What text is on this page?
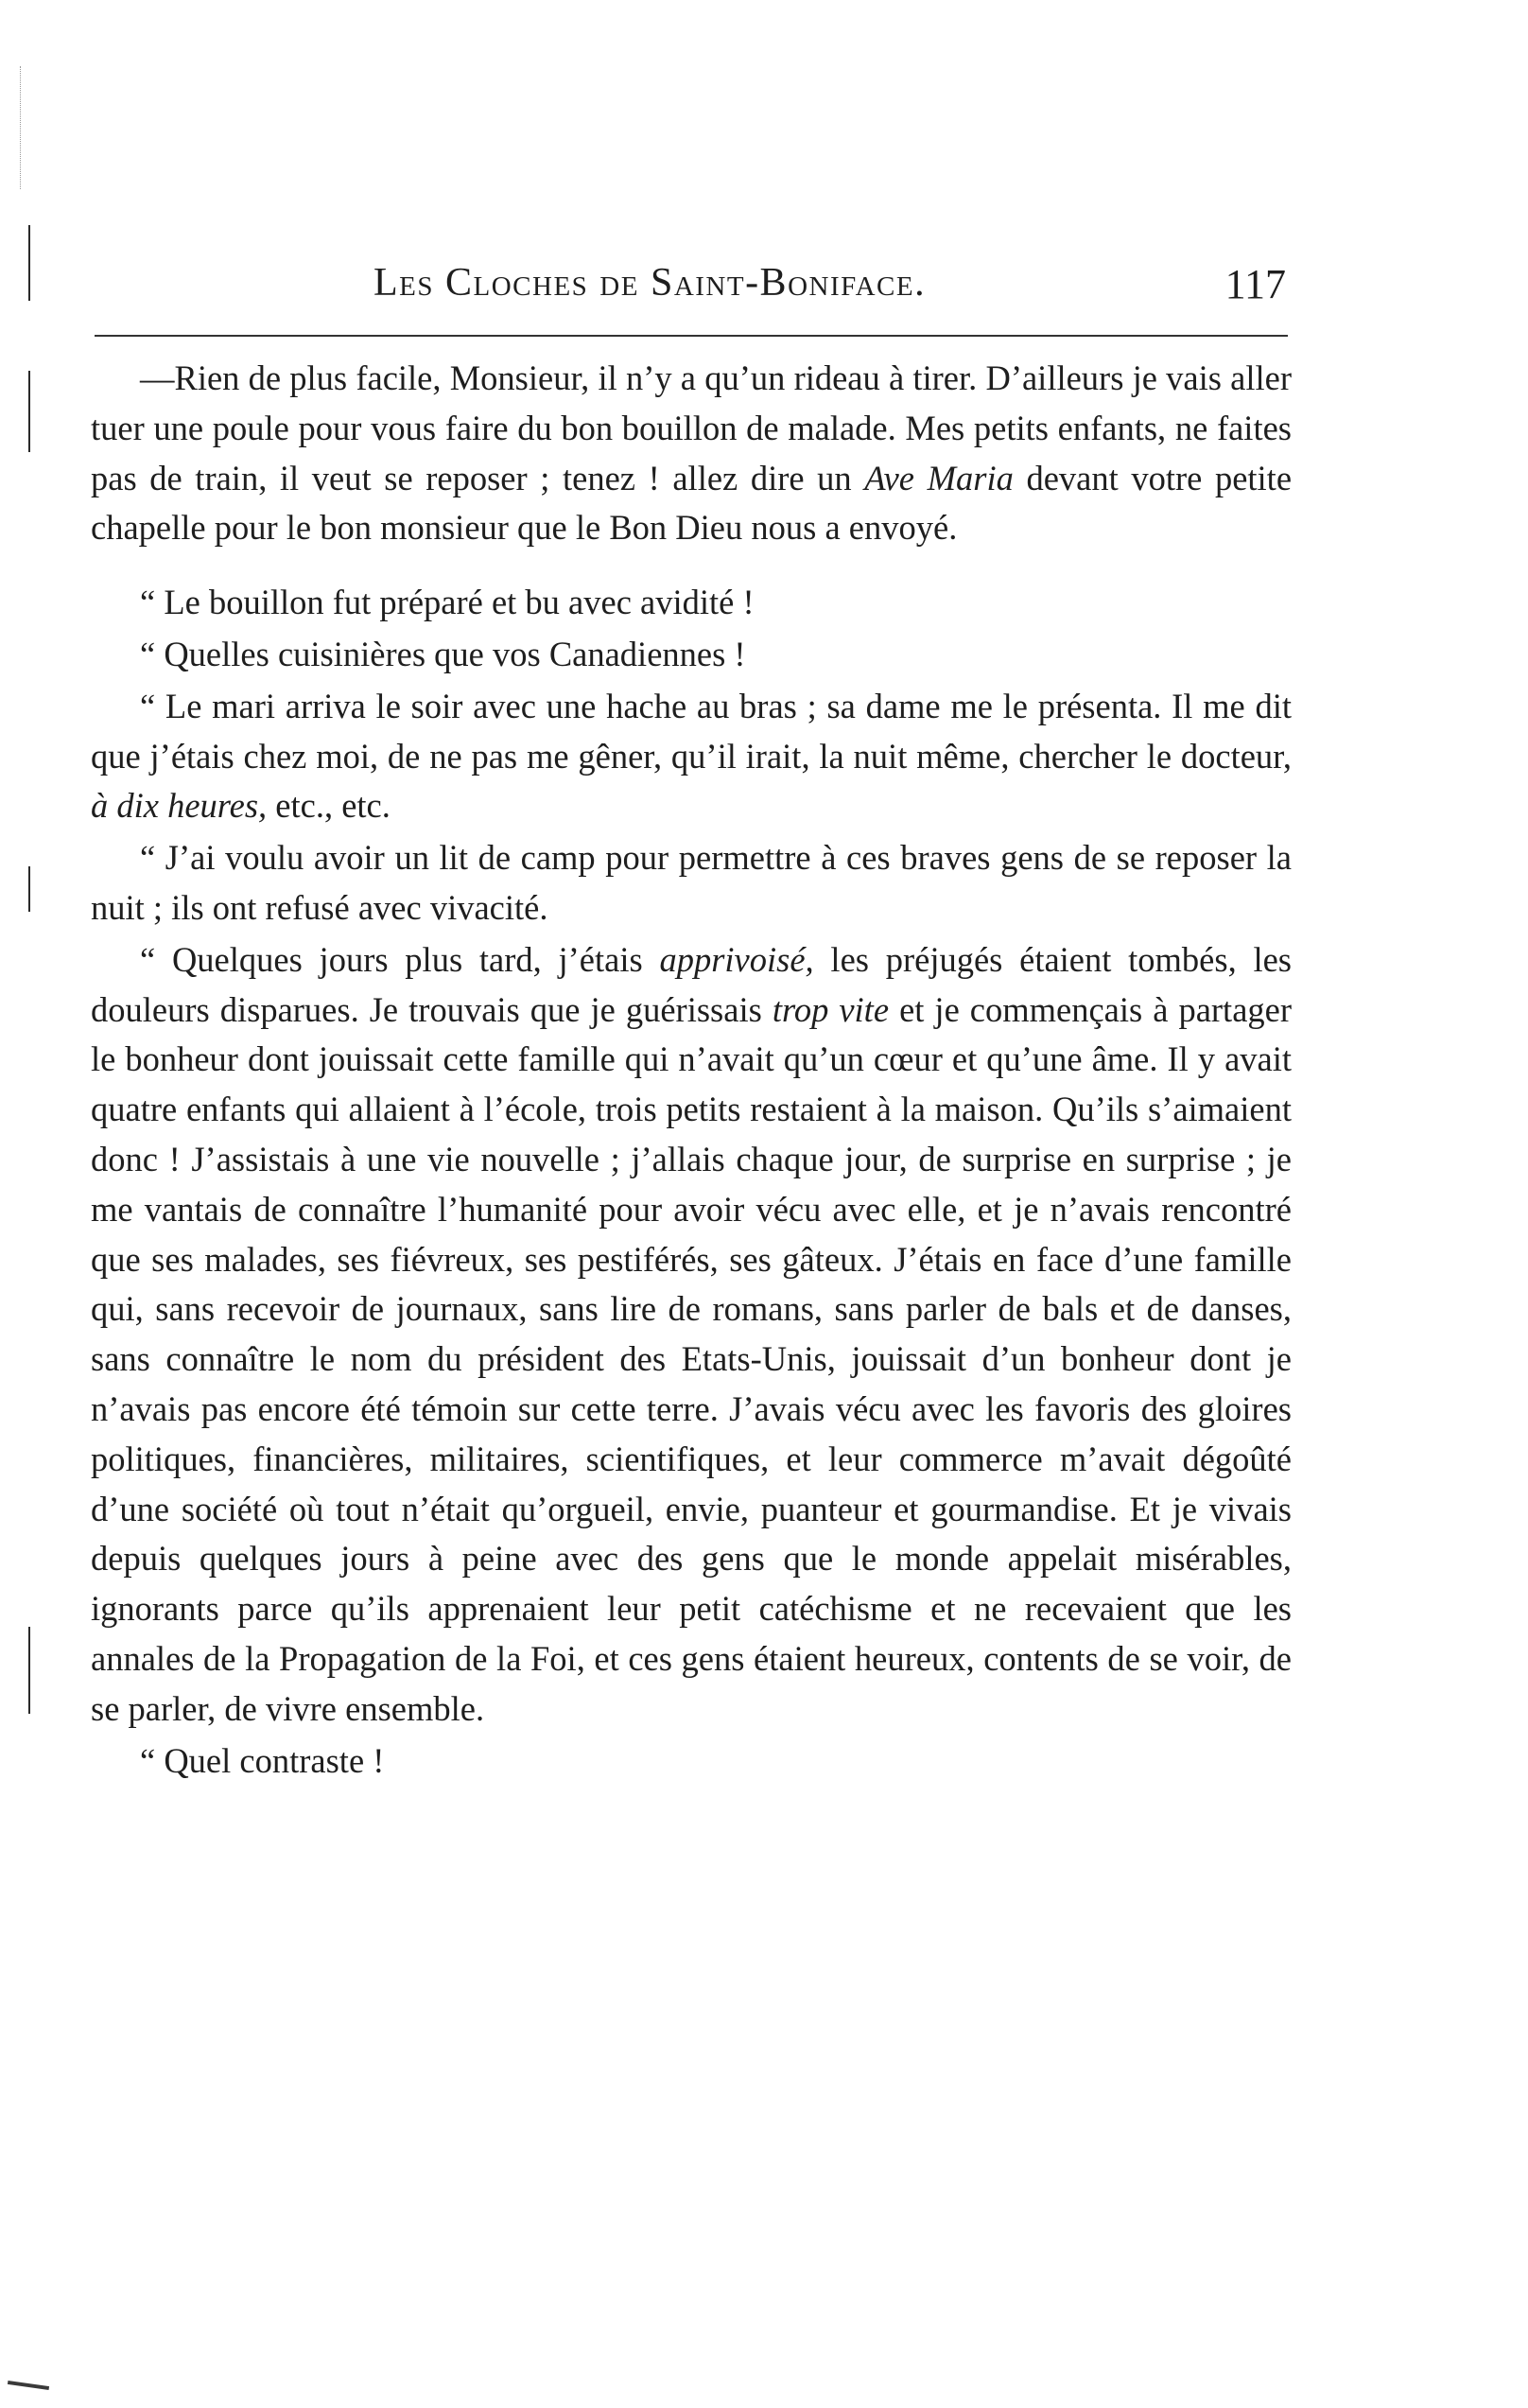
Les Cloches de Saint-Boniface.	117

—Rien de plus facile, Monsieur, il n’y a qu’un rideau à tirer. D’ailleurs je vais aller tuer une poule pour vous faire du bon bouillon de malade. Mes petits enfants, ne faites pas de train, il veut se reposer ; tenez ! allez dire un Ave Maria devant votre petite chapelle pour le bon monsieur que le Bon Dieu nous a envoyé.

“ Le bouillon fut préparé et bu avec avidité !

“ Quelles cuisinières que vos Canadiennes !

“ Le mari arriva le soir avec une hache au bras ; sa dame me le présenta. Il me dit que j’étais chez moi, de ne pas me gêner, qu’il irait, la nuit même, chercher le docteur, à dix heures, etc., etc.

“ J’ai voulu avoir un lit de camp pour permettre à ces braves gens de se reposer la nuit ; ils ont refusé avec vivacité.

“ Quelques jours plus tard, j’étais apprivoisé, les préjugés étaient tombés, les douleurs disparues. Je trouvais que je guérissais trop vite et je commençais à partager le bonheur dont jouissait cette famille qui n’avait qu’un cœur et qu’une âme. Il y avait quatre enfants qui allaient à l’école, trois petits restaient à la maison. Qu’ils s’aimaient donc ! J’assistais à une vie nouvelle ; j’allais chaque jour, de surprise en surprise ; je me vantais de connaître l’humanité pour avoir vécu avec elle, et je n’avais rencontré que ses malades, ses fiévreux, ses pestiférés, ses gâteux. J’étais en face d’une famille qui, sans recevoir de journaux, sans lire de romans, sans parler de bals et de danses, sans connaître le nom du président des Etats-Unis, jouissait d’un bonheur dont je n’avais pas encore été témoin sur cette terre. J’avais vécu avec les favoris des gloires politiques, financières, militaires, scientifiques, et leur commerce m’avait dégoûté d’une société où tout n’était qu’orgueil, envie, puanteur et gourmandise. Et je vivais depuis quelques jours à peine avec des gens que le monde appelait misérables, ignorants parce qu’ils apprenaient leur petit catéchisme et ne recevaient que les annales de la Propagation de la Foi, et ces gens étaient heureux, contents de se voir, de se parler, de vivre ensemble.

“ Quel contraste !
